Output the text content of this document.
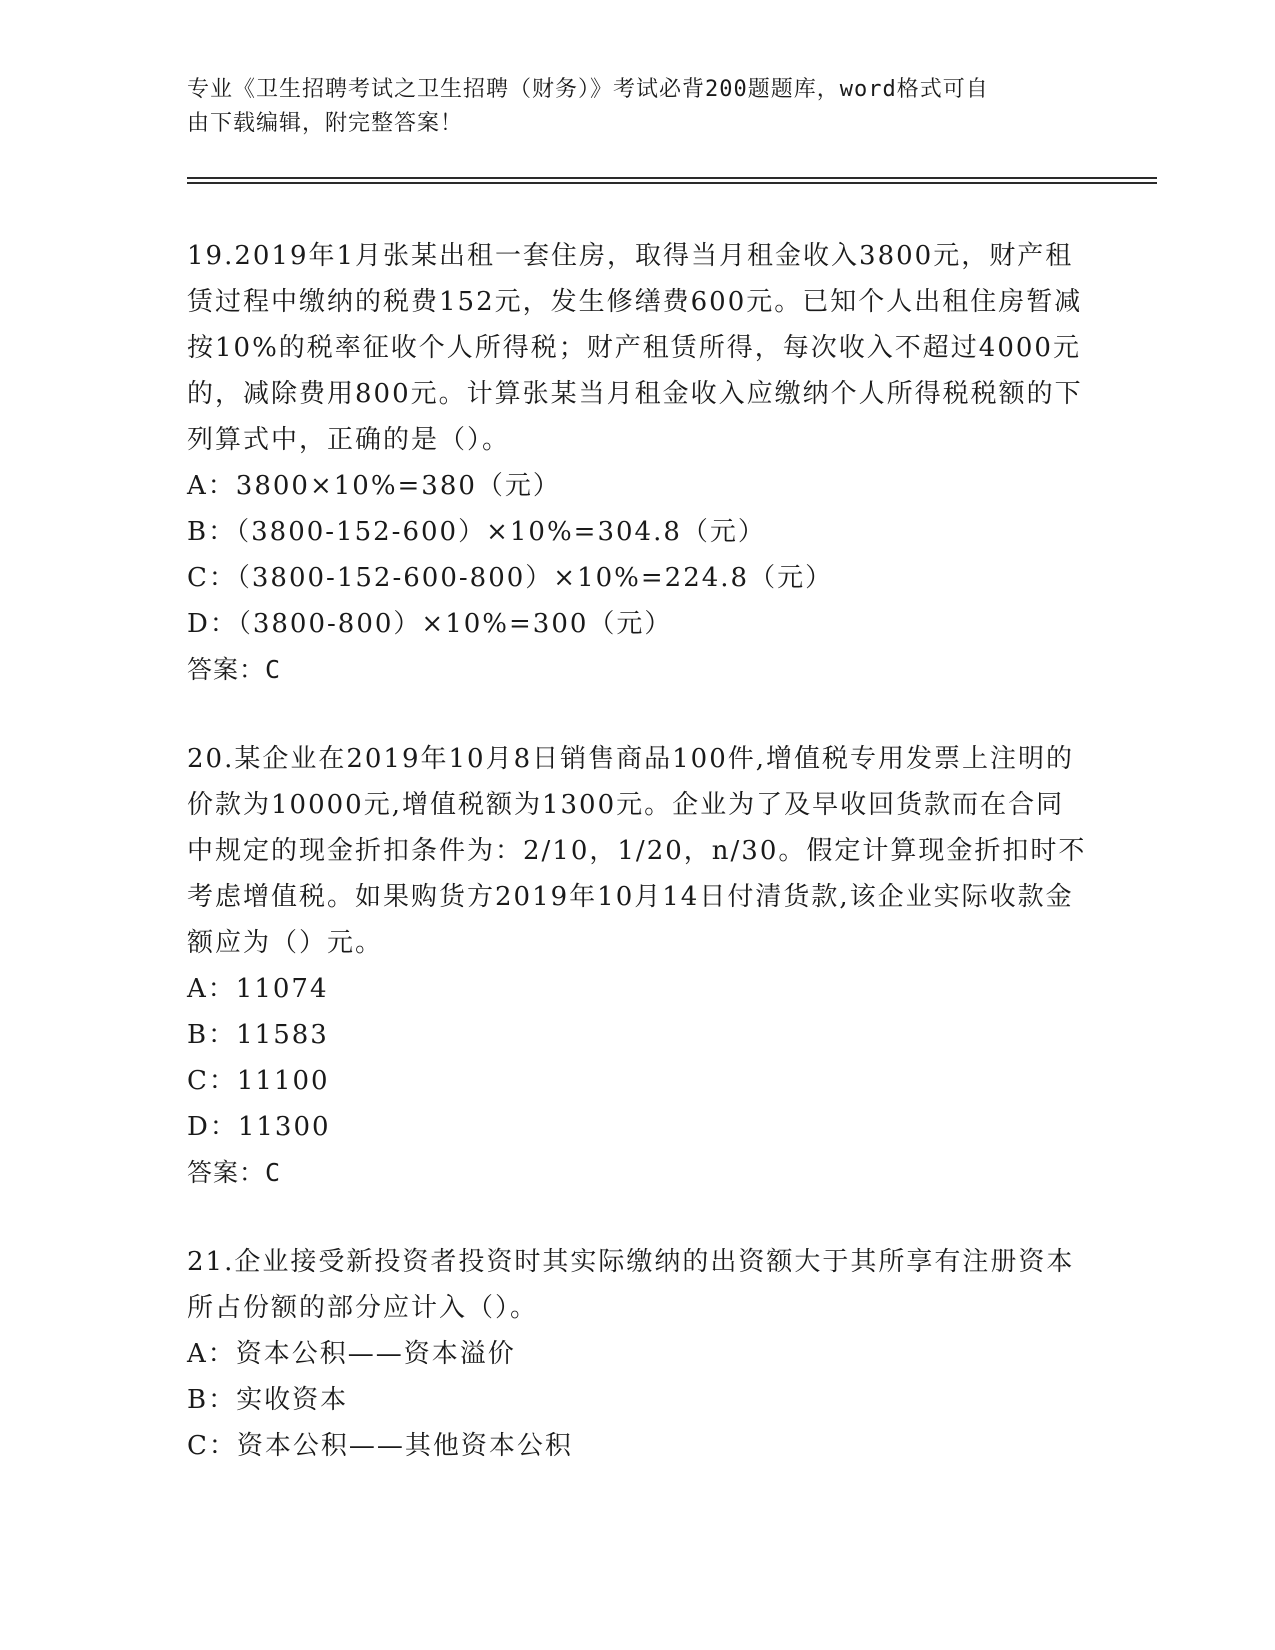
专业《卫生招聘考试之卫生招聘（财务）》考试必背200题题库，word格式可自
由下载编辑，附完整答案！

19.2019年1月张某出租一套住房，取得当月租金收入3800元，财产租赁过程中缴纳的税费152元，发生修缮费600元。已知个人出租住房暂减按10%的税率征收个人所得税；财产租赁所得，每次收入不超过4000元的，减除费用800元。计算张某当月租金收入应缴纳个人所得税税额的下列算式中，正确的是（）。

A：3800×10%=380（元）

B：（3800-152-600）×10%=304.8（元）

C：（3800-152-600-800）×10%=224.8（元）

D：（3800-800）×10%=300（元）

答案：C

20.某企业在2019年10月8日销售商品100件,增值税专用发票上注明的价款为10000元,增值税额为1300元。企业为了及早收回货款而在合同中规定的现金折扣条件为：2/10，1/20，n/30。假定计算现金折扣时不考虑增值税。如果购货方2019年10月14日付清货款,该企业实际收款金额应为（）元。

A：11074

B：11583

C：11100

D：11300

答案：C

21.企业接受新投资者投资时其实际缴纳的出资额大于其所享有注册资本所占份额的部分应计入（）。

A：资本公积——资本溢价

B：实收资本

C：资本公积——其他资本公积
